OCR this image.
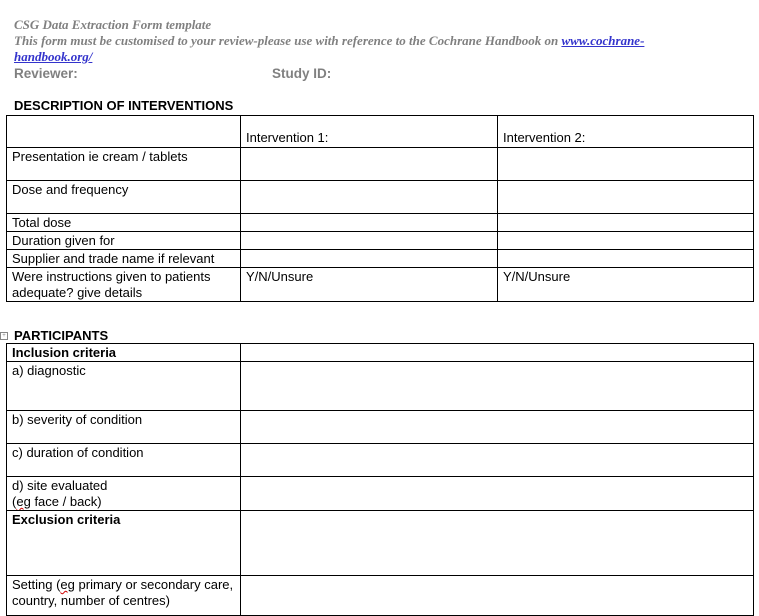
CSG Data Extraction Form template
This form must be customised to your review-please use with reference to the Cochrane Handbook on www.cochrane-handbook.org/
Reviewer:	Study ID:
DESCRIPTION OF INTERVENTIONS
	Intervention 1:	Intervention 2:
Presentation ie cream / tablets		
Dose and frequency		
Total dose		
Duration given for		
Supplier and trade name if relevant		
Were instructions given to patients adequate? give details	Y/N/Unsure	Y/N/Unsure
+ PARTICIPANTS
Inclusion criteria	
a) diagnostic	
b) severity of condition	
c) duration of condition	
d) site evaluated
(eg face / back)	
Exclusion criteria	
Setting (eg primary or secondary care, country, number of centres)	
